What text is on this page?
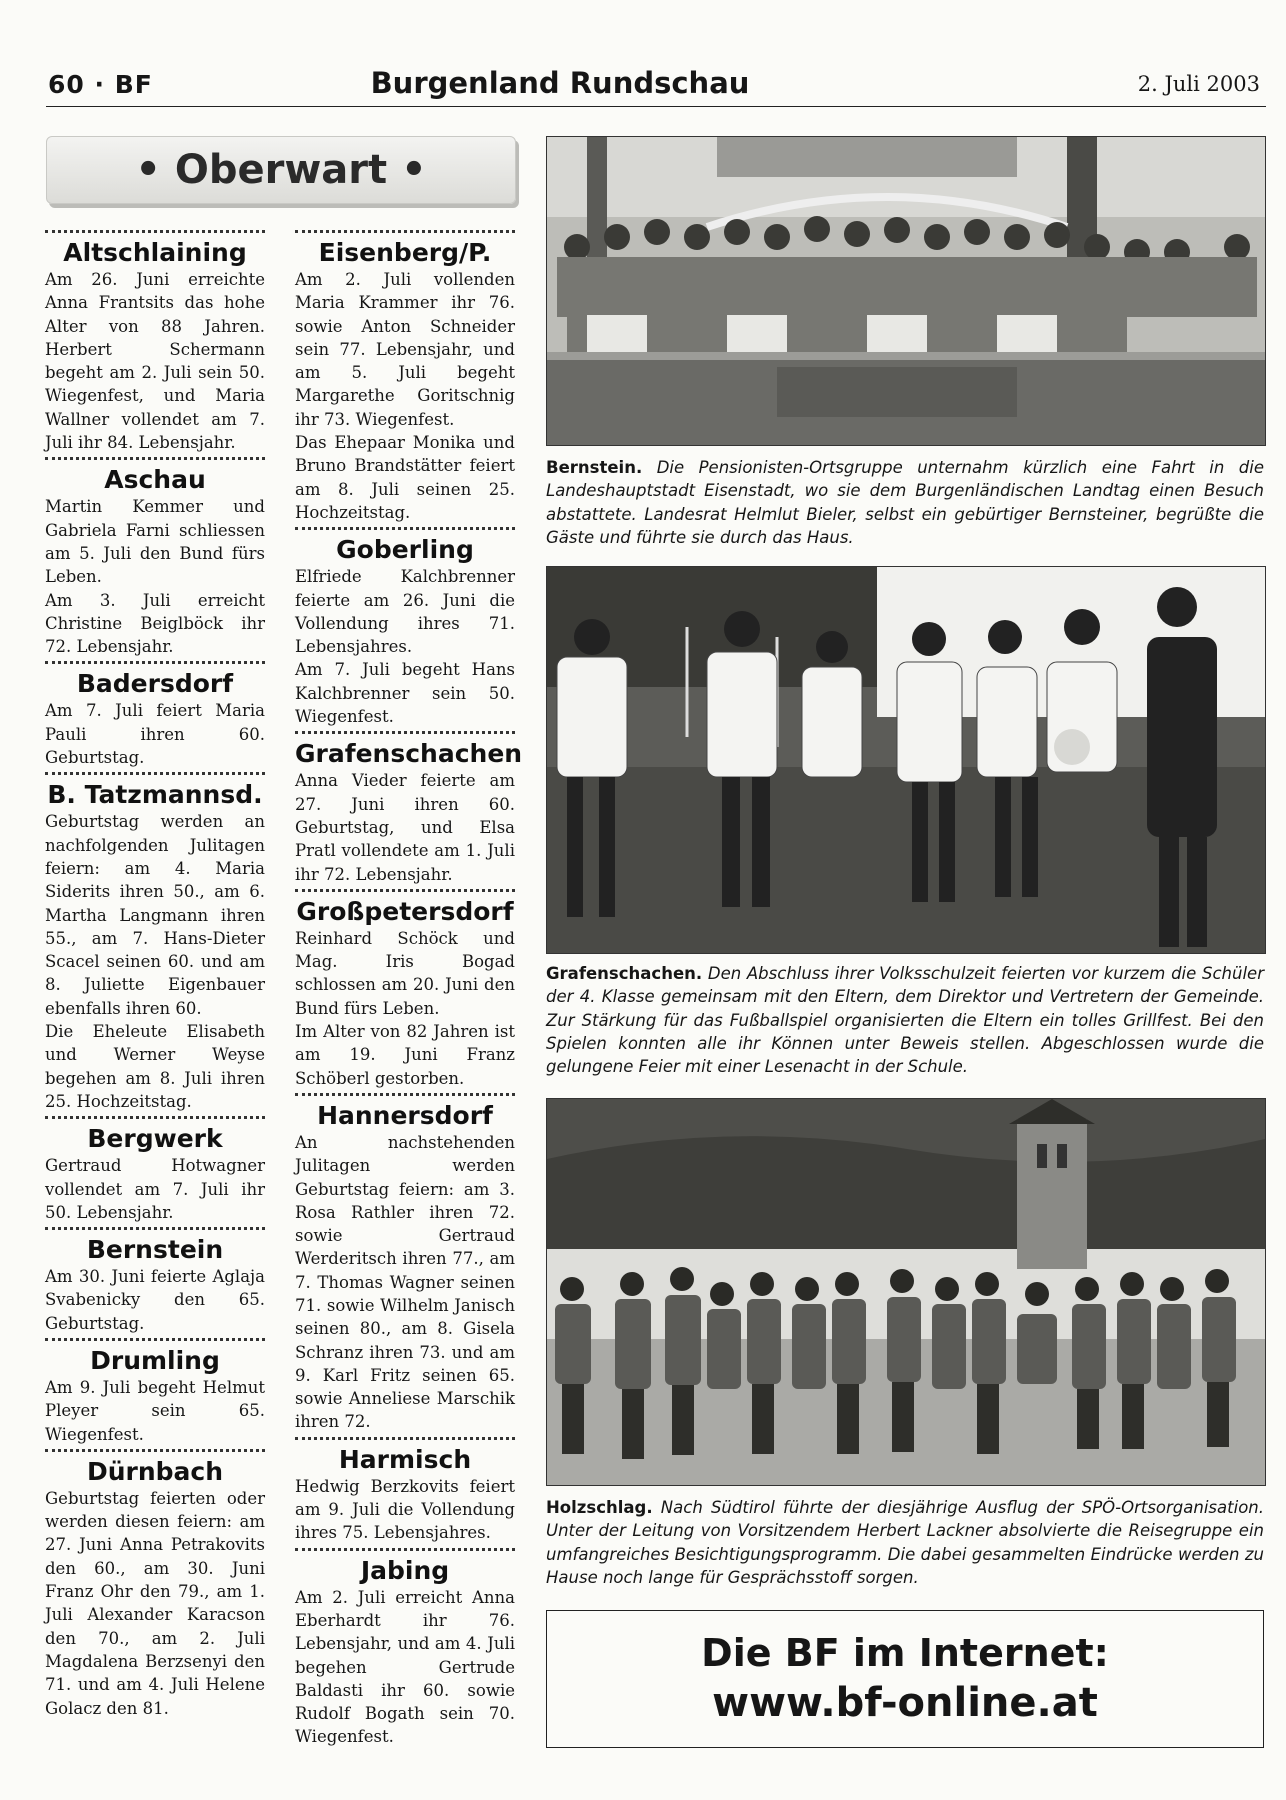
60 · BF	Burgenland Rundschau	2. Juli 2003
• Oberwart •
Altschlaining

Am 26. Juni erreichte Anna Frantsits das hohe Alter von 88 Jahren. Herbert Schermann begeht am 2. Juli sein 50. Wiegenfest, und Maria Wallner vollendet am 7. Juli ihr 84. Lebensjahr.

Aschau

Martin Kemmer und Gabriela Farni schliessen am 5. Juli den Bund fürs Leben.

Am 3. Juli erreicht Christine Beiglböck ihr 72. Lebensjahr.

Badersdorf

Am 7. Juli feiert Maria Pauli ihren 60. Geburtstag.

B. Tatzmannsd.

Geburtstag werden an nachfolgenden Julitagen feiern: am 4. Maria Siderits ihren 50., am 6. Martha Langmann ihren 55., am 7. Hans-Dieter Scacel seinen 60. und am 8. Juliette Eigenbauer ebenfalls ihren 60.

Die Eheleute Elisabeth und Werner Weyse begehen am 8. Juli ihren 25. Hochzeitstag.

Bergwerk

Gertraud Hotwagner vollendet am 7. Juli ihr 50. Lebensjahr.

Bernstein

Am 30. Juni feierte Aglaja Svabenicky den 65. Geburtstag.

Drumling

Am 9. Juli begeht Helmut Pleyer sein 65. Wiegenfest.

Dürnbach

Geburtstag feierten oder werden diesen feiern: am 27. Juni Anna Petrakovits den 60., am 30. Juni Franz Ohr den 79., am 1. Juli Alexander Karacson den 70., am 2. Juli Magdalena Berzsenyi den 71. und am 4. Juli Helene Golacz den 81.

Eisenberg/P.

Am 2. Juli vollenden Maria Krammer ihr 76. sowie Anton Schneider sein 77. Lebensjahr, und am 5. Juli begeht Margarethe Goritschnig ihr 73. Wiegenfest.

Das Ehepaar Monika und Bruno Brandstätter feiert am 8. Juli seinen 25. Hochzeitstag.

Goberling

Elfriede Kalchbrenner feierte am 26. Juni die Vollendung ihres 71. Lebensjahres.

Am 7. Juli begeht Hans Kalchbrenner sein 50. Wiegenfest.

Grafenschachen

Anna Vieder feierte am 27. Juni ihren 60. Geburtstag, und Elsa Pratl vollendete am 1. Juli ihr 72. Lebensjahr.

Großpetersdorf

Reinhard Schöck und Mag. Iris Bogad schlossen am 20. Juni den Bund fürs Leben.

Im Alter von 82 Jahren ist am 19. Juni Franz Schöberl gestorben.

Hannersdorf

An nachstehenden Julitagen werden Geburtstag feiern: am 3. Rosa Rathler ihren 72. sowie Gertraud Werderitsch ihren 77., am 7. Thomas Wagner seinen 71. sowie Wilhelm Janisch seinen 80., am 8. Gisela Schranz ihren 73. und am 9. Karl Fritz seinen 65. sowie Anneliese Marschik ihren 72.

Harmisch

Hedwig Berzkovits feiert am 9. Juli die Vollendung ihres 75. Lebensjahres.

Jabing

Am 2. Juli erreicht Anna Eberhardt ihr 76. Lebensjahr, und am 4. Juli begehen Gertrude Baldasti ihr 60. sowie Rudolf Bogath sein 70. Wiegenfest.

Bernstein. Die Pensionisten-Ortsgruppe unternahm kürzlich eine Fahrt in die Landeshauptstadt Eisenstadt, wo sie dem Burgenländischen Landtag einen Besuch abstattete. Landesrat Helmlut Bieler, selbst ein gebürtiger Bernsteiner, begrüßte die Gäste und führte sie durch das Haus.
Grafenschachen. Den Abschluss ihrer Volksschulzeit feierten vor kurzem die Schüler der 4. Klasse gemeinsam mit den Eltern, dem Direktor und Vertretern der Gemeinde. Zur Stärkung für das Fußballspiel organisierten die Eltern ein tolles Grillfest. Bei den Spielen konnten alle ihr Können unter Beweis stellen. Abgeschlossen wurde die gelungene Feier mit einer Lesenacht in der Schule.
Holzschlag. Nach Südtirol führte der diesjährige Ausflug der SPÖ-Ortsorganisation. Unter der Leitung von Vorsitzendem Herbert Lackner absolvierte die Reisegruppe ein umfangreiches Besichtigungsprogramm. Die dabei gesammelten Eindrücke werden zu Hause noch lange für Gesprächsstoff sorgen.
Die BF im Internet:
www.bf-online.at
